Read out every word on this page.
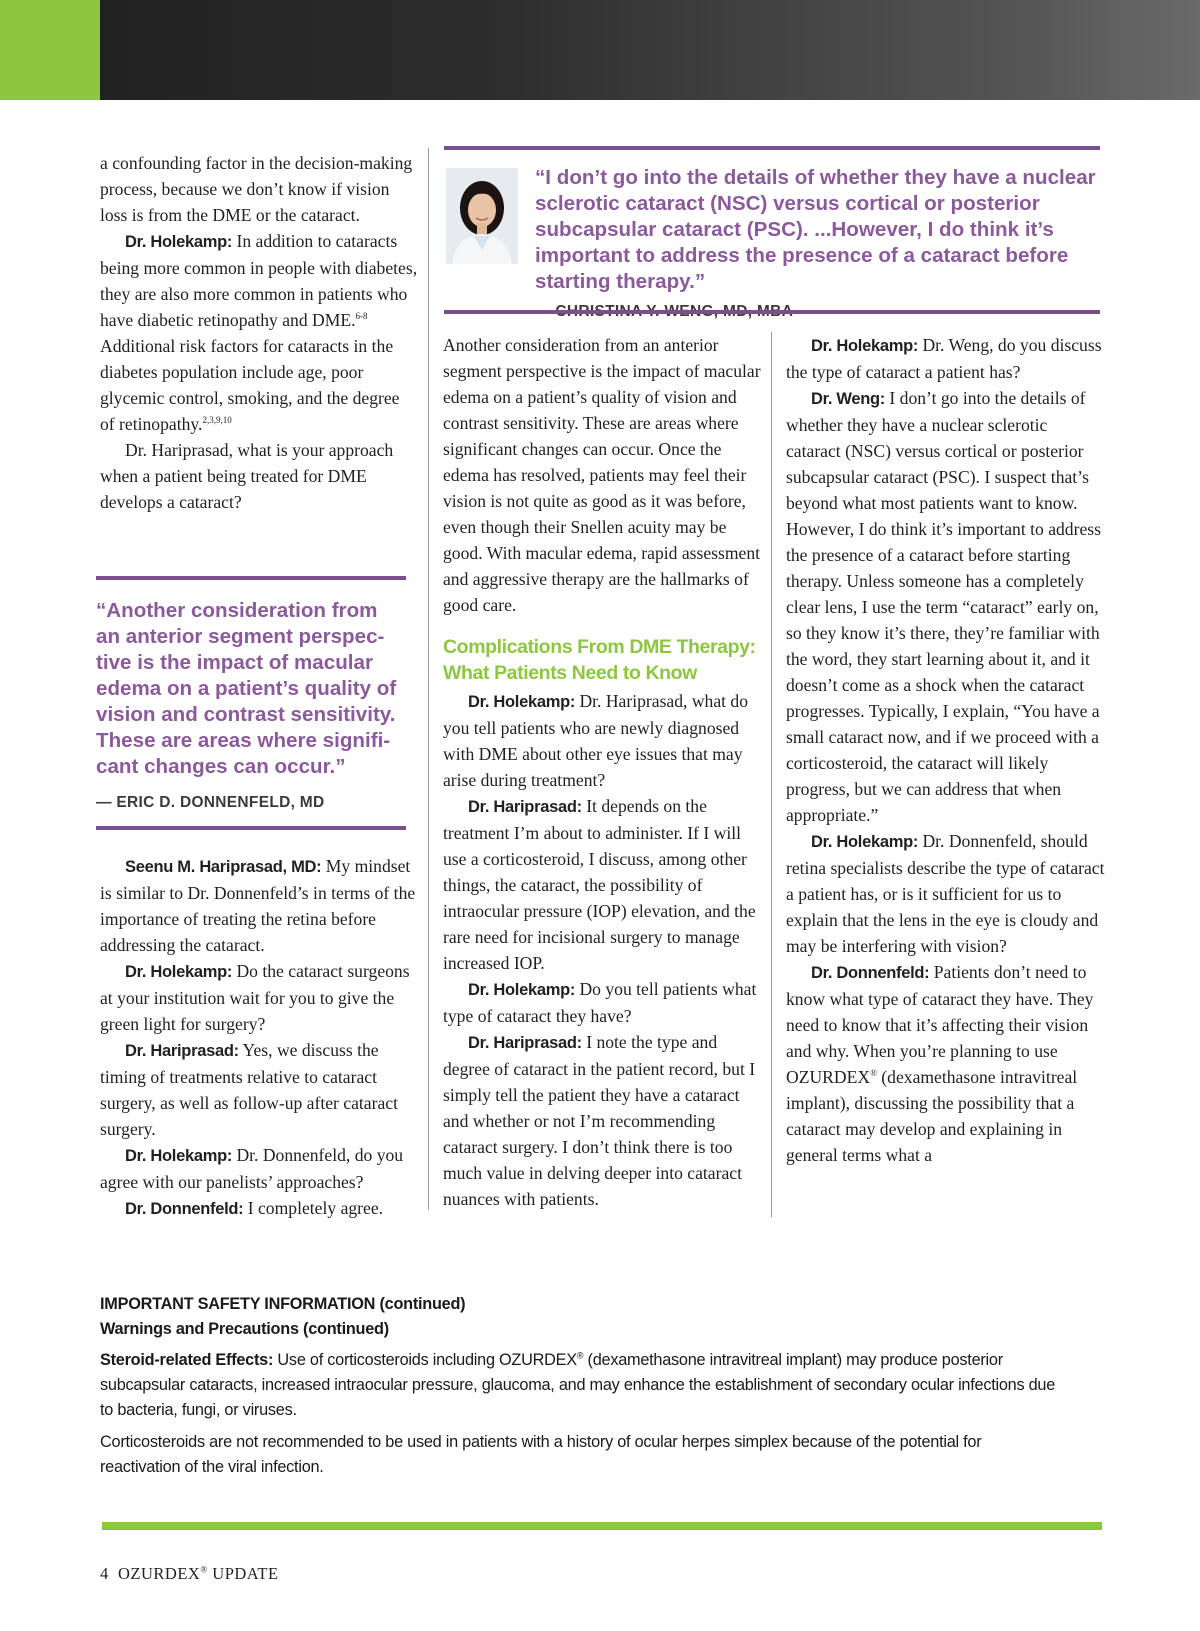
a confounding factor in the decision-making process, because we don’t know if vision loss is from the DME or the cataract.

Dr. Holekamp: In addition to cataracts being more common in people with diabetes, they are also more common in patients who have diabetic retinopathy and DME.$^{6-8}$ Additional risk factors for cataracts in the diabetes population include age, poor glycemic control, smoking, and the degree of retinopathy.$^{2,3,9,10}$

Dr. Hariprasad, what is your approach when a patient being treated for DME develops a cataract?

“Another consideration from an anterior segment perspec-tive is the impact of macular edema on a patient’s quality of vision and contrast sensitivity. These are areas where signifi-cant changes can occur.”
— ERIC D. DONNENFELD, MD

Seenu M. Hariprasad, MD: My mindset is similar to Dr. Donnenfeld’s in terms of the importance of treating the retina before addressing the cataract.

Dr. Holekamp: Do the cataract surgeons at your institution wait for you to give the green light for surgery?

Dr. Hariprasad: Yes, we discuss the timing of treatments relative to cataract surgery, as well as follow-up after cataract surgery.

Dr. Holekamp: Dr. Donnenfeld, do you agree with our panelists’ approaches?

Dr. Donnenfeld: I completely agree.

“I don’t go into the details of whether they have a nuclear sclerotic cataract (NSC) versus cortical or posterior subcapsular cataract (PSC). ...However, I do think it’s important to address the presence of a cataract before starting therapy.”

Another consideration from an anterior segment perspective is the impact of macular edema on a patient’s quality of vision and contrast sensitivity. These are areas where significant changes can occur. Once the edema has resolved, patients may feel their vision is not quite as good as it was before, even though their Snellen acuity may be good. With macular edema, rapid assessment and aggressive therapy are the hallmarks of good care.

Complications From DME Therapy: What Patients Need to Know

Dr. Holekamp: Dr. Hariprasad, what do you tell patients who are newly diagnosed with DME about other eye issues that may arise during treatment?

Dr. Hariprasad: It depends on the treatment I’m about to administer. If I will use a corticosteroid, I discuss, among other things, the cataract, the possibility of intraocular pressure (IOP) elevation, and the rare need for incisional surgery to manage increased IOP.

Dr. Holekamp: Do you tell patients what type of cataract they have?

Dr. Hariprasad: I note the type and degree of cataract in the patient record, but I simply tell the patient they have a cataract and whether or not I’m recommending cataract surgery. I don’t think there is too much value in delving deeper into cataract nuances with patients.

Dr. Holekamp: Dr. Weng, do you discuss the type of cataract a patient has?

Dr. Weng: I don’t go into the details of whether they have a nuclear sclerotic cataract (NSC) versus cortical or posterior subcapsular cataract (PSC). I suspect that’s beyond what most patients want to know. However, I do think it’s important to address the presence of a cataract before starting therapy. Unless someone has a completely clear lens, I use the term “cataract” early on, so they know it’s there, they’re familiar with the word, they start learning about it, and it doesn’t come as a shock when the cataract progresses. Typically, I explain, “You have a small cataract now, and if we proceed with a corticosteroid, the cataract will likely progress, but we can address that when appropriate.”

Dr. Holekamp: Dr. Donnenfeld, should retina specialists describe the type of cataract a patient has, or is it sufficient for us to explain that the lens in the eye is cloudy and may be interfering with vision?

Dr. Donnenfeld: Patients don’t need to know what type of cataract they have. They need to know that it’s affecting their vision and why. When you’re planning to use OZURDEX® (dexamethasone intravitreal implant), discussing the possibility that a cataract may develop and explaining in general terms what a

IMPORTANT SAFETY INFORMATION (continued)
Warnings and Precautions (continued)

Steroid-related Effects: Use of corticosteroids including OZURDEX® (dexamethasone intravitreal implant) may produce posterior subcapsular cataracts, increased intraocular pressure, glaucoma, and may enhance the establishment of secondary ocular infections due to bacteria, fungi, or viruses.

Corticosteroids are not recommended to be used in patients with a history of ocular herpes simplex because of the potential for reactivation of the viral infection.

4 OZURDEX® UPDATE
